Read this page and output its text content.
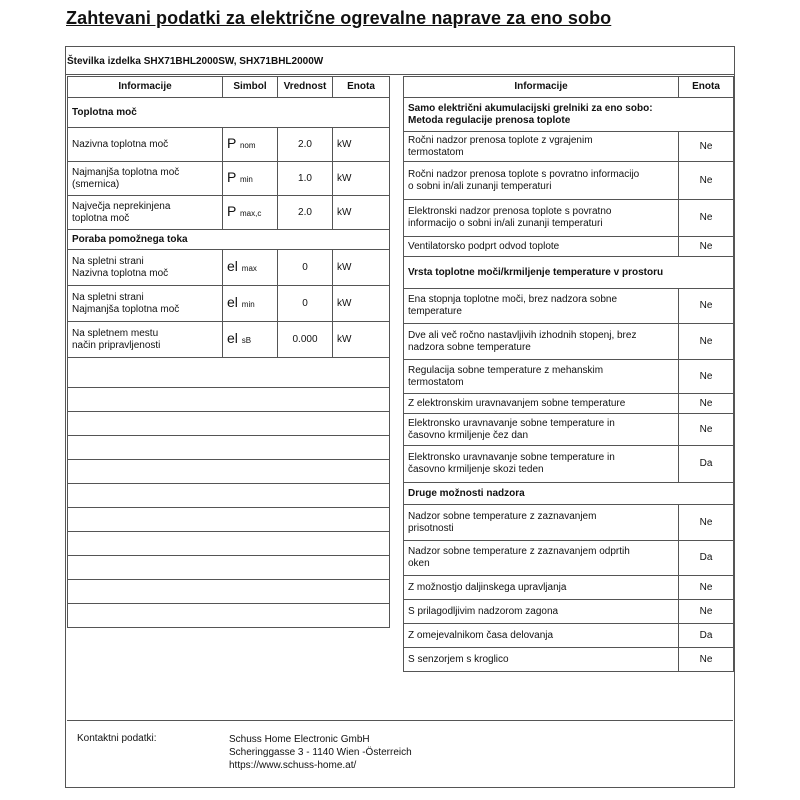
Zahtevani podatki za električne ogrevalne naprave za eno sobo
Številka izdelka SHX71BHL2000SW, SHX71BHL2000W
Informacije	Simbol	Vrednost	Enota
Toplotna moč			

Nazivna toplotna moč	P nom	2.0	kW

Najmanjša toplotna moč
(smernica)	P min	1.0	kW

Največja neprekinjena
toplotna moč	P max,c	2.0	kW
Poraba pomožnega toka			

Na spletni strani
Nazivna toplotna moč	el max	0	kW

Na spletni strani
Najmanjša toplotna moč	el min	0	kW

Na spletnem mestu
način pripravljenosti	el sB	0.000	kW

Informacije	Enota

Samo električni akumulacijski grelniki za eno sobo:
Metoda regulacije prenosa toplote	

Ročni nadzor prenosa toplote z vgrajenim
termostatom	Ne

Ročni nadzor prenosa toplote s povratno informacijo
o sobni in/ali zunanji temperaturi	Ne

Elektronski nadzor prenosa toplote s povratno
informacijo o sobni in/ali zunanji temperaturi	Ne

Ventilatorsko podprt odvod toplote	Ne

Vrsta toplotne moči/krmiljenje temperature v prostoru	

Ena stopnja toplotne moči, brez nadzora sobne
temperature	Ne

Dve ali več ročno nastavljivih izhodnih stopenj, brez
nadzora sobne temperature	Ne

Regulacija sobne temperature z mehanskim
termostatom	Ne

Z elektronskim uravnavanjem sobne temperature	Ne

Elektronsko uravnavanje sobne temperature in
časovno krmiljenje čez dan	Ne

Elektronsko uravnavanje sobne temperature in
časovno krmiljenje skozi teden	Da

Druge možnosti nadzora	

Nadzor sobne temperature z zaznavanjem
prisotnosti	Ne

Nadzor sobne temperature z zaznavanjem odprtih
oken	Da

Z možnostjo daljinskega upravljanja	Ne

S prilagodljivim nadzorom zagona	Ne

Z omejevalnikom časa delovanja	Da

S senzorjem s kroglico	Ne
Kontaktni podatki:	Schuss Home Electronic GmbH
Scheringgasse 3 - 1140 Wien -Österreich
https://www.schuss-home.at/
